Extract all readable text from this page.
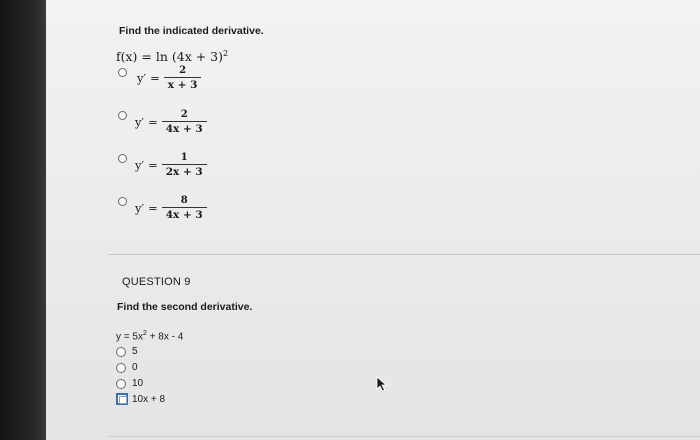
Find the indicated derivative.
$f(x) = \ln (4x + 3)^2$
$y' = \frac{2}{x + 3}$
$y' = \frac{2}{4x + 3}$
$y' = \frac{1}{2x + 3}$
$y' = \frac{8}{4x + 3}$
QUESTION 9
Find the second derivative.
$y = 5x^2 + 8x - 4$
5
0
10
10x + 8
